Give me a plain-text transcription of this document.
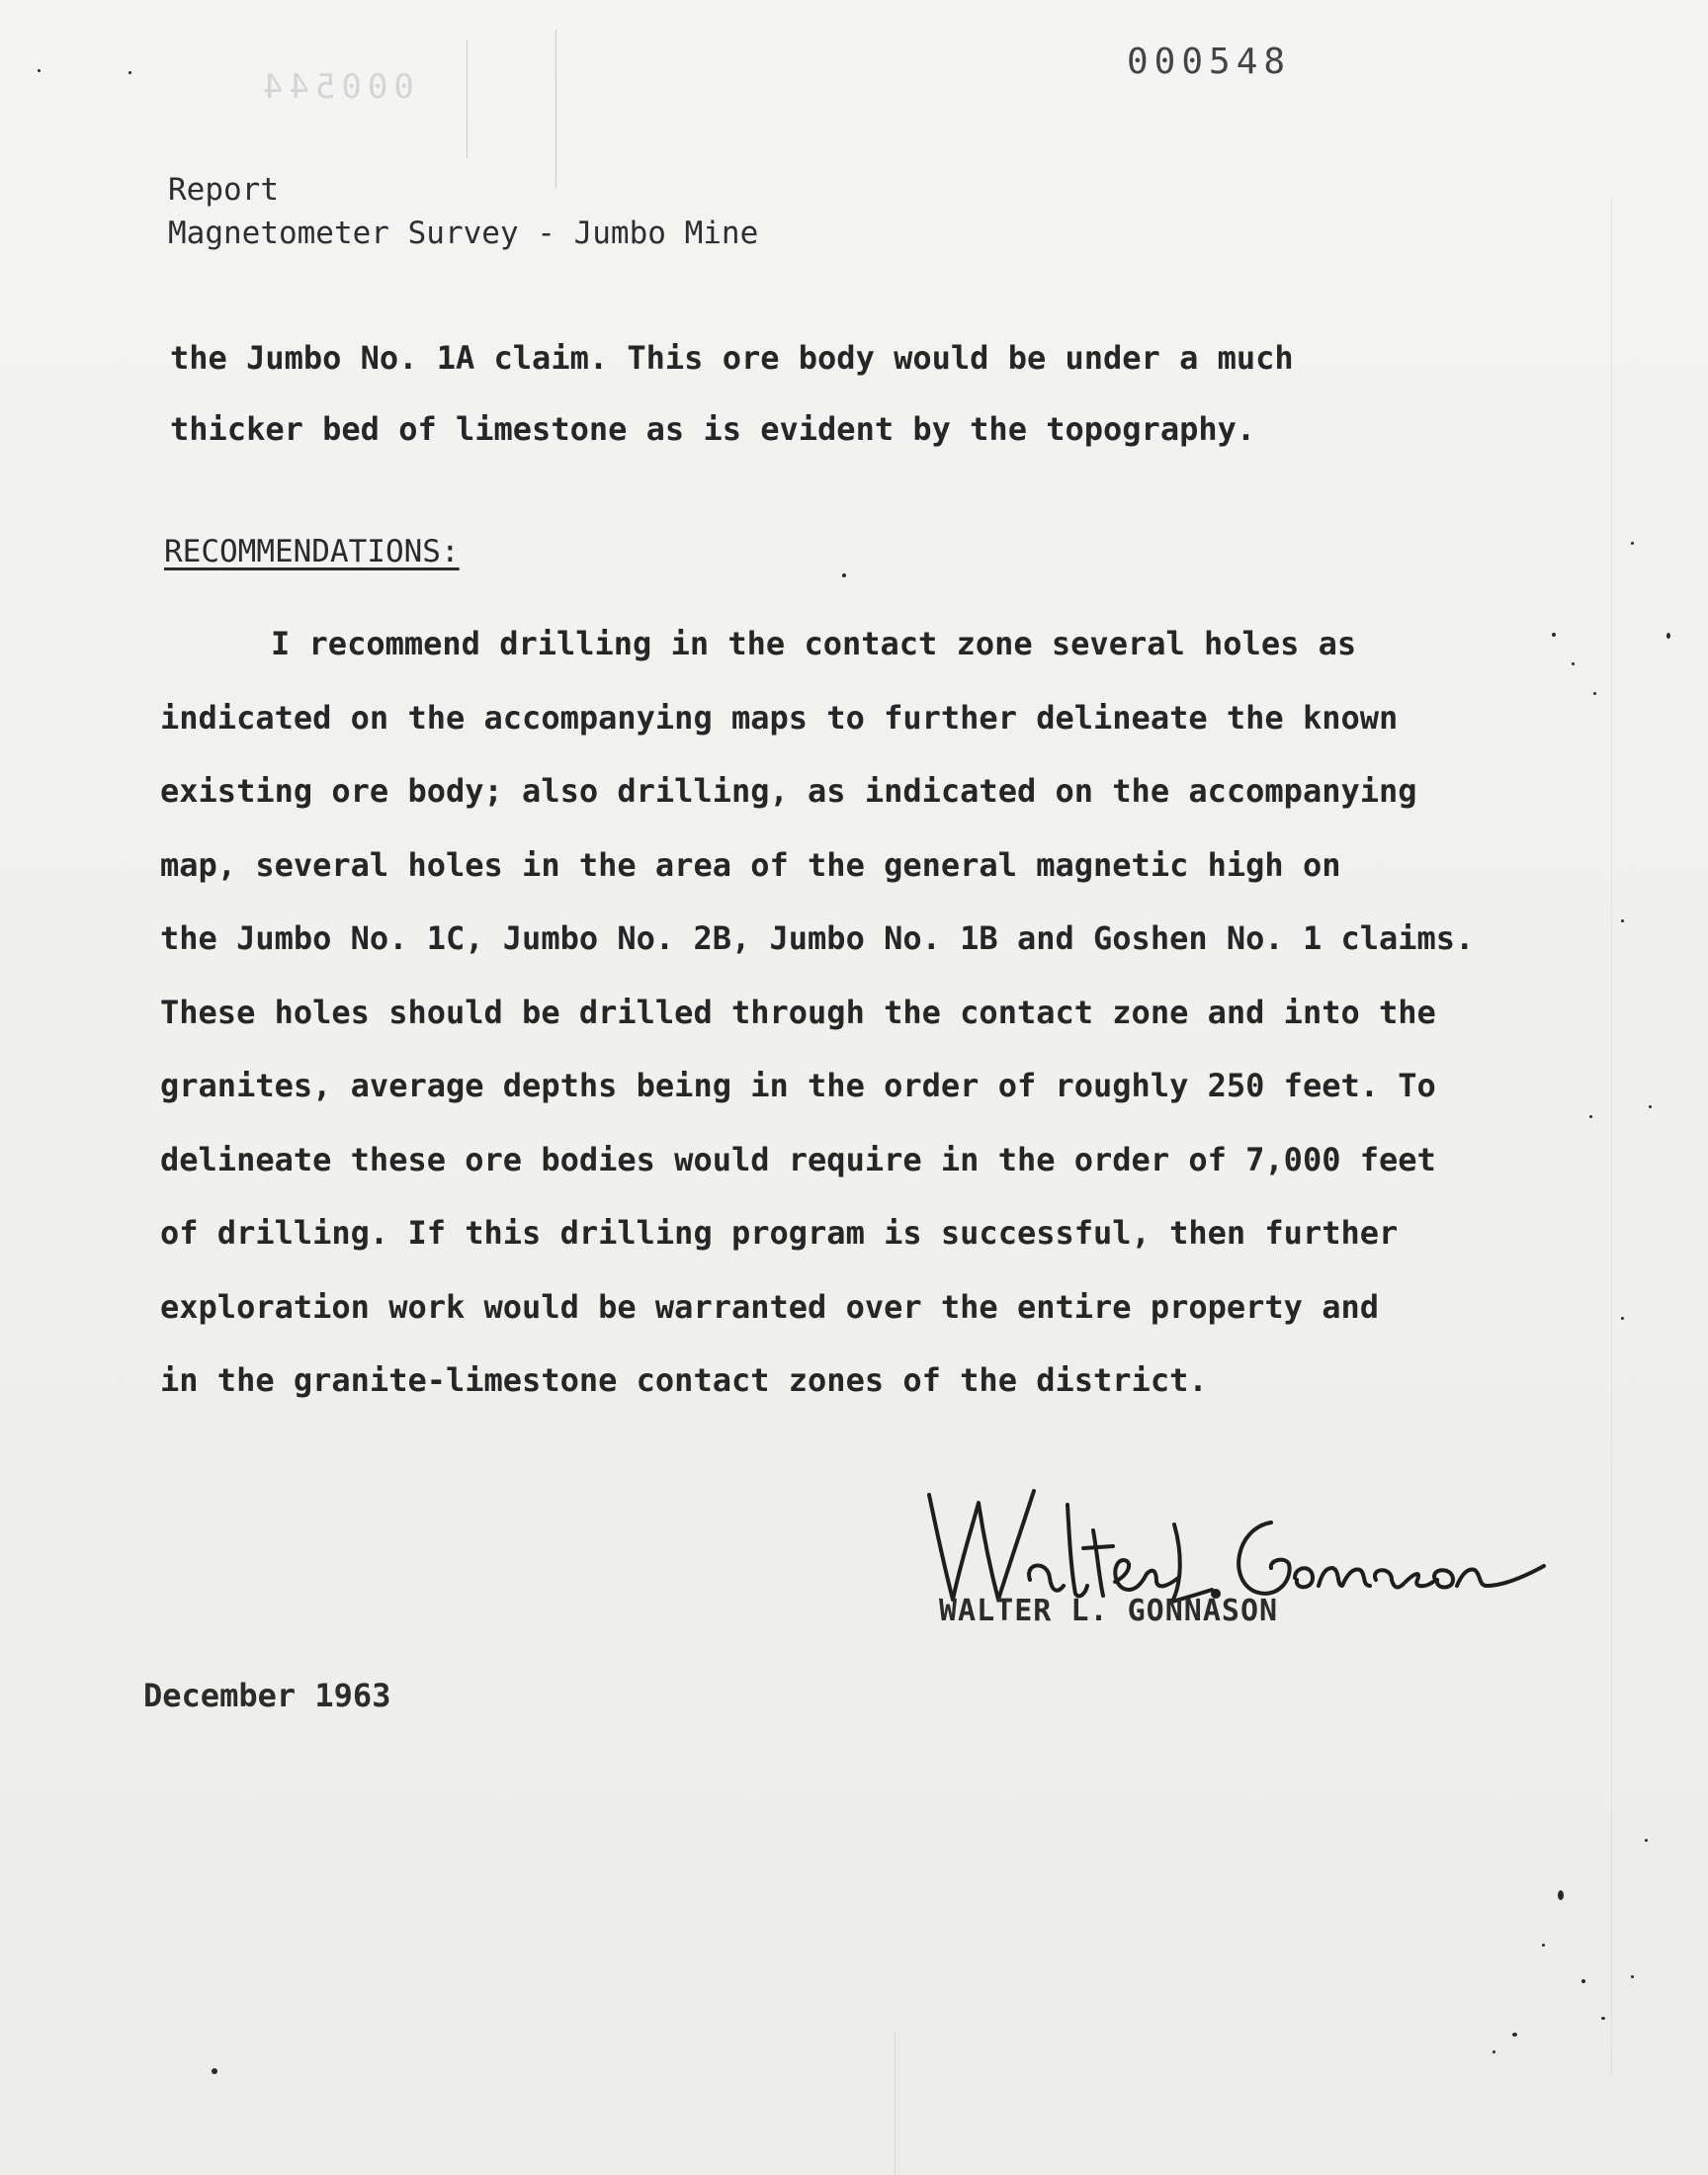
000544
000548
Report
Magnetometer Survey - Jumbo Mine
the Jumbo No. 1A claim. This ore body would be under a much
thicker bed of limestone as is evident by the topography.
RECOMMENDATIONS:
I recommend drilling in the contact zone several holes as
indicated on the accompanying maps to further delineate the known
existing ore body; also drilling, as indicated on the accompanying
map, several holes in the area of the general magnetic high on
the Jumbo No. 1C, Jumbo No. 2B, Jumbo No. 1B and Goshen No. 1 claims.
These holes should be drilled through the contact zone and into the
granites, average depths being in the order of roughly 250 feet. To
delineate these ore bodies would require in the order of 7,000 feet
of drilling. If this drilling program is successful, then further
exploration work would be warranted over the entire property and
in the granite-limestone contact zones of the district.
WALTER L. GONNASON
December 1963
